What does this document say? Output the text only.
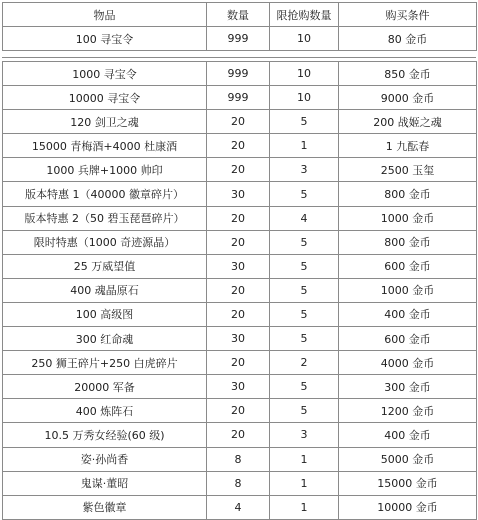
物品	数量	限抢购数量	购买条件
100 寻宝令	999	10	80 金币
1000 寻宝令	999	10	850 金币
10000 寻宝令	999	10	9000 金币
120 剑卫之魂	20	5	200 战姬之魂
15000 青梅酒+4000 杜康酒	20	1	1 九酝春
1000 兵牌+1000 帅印	20	3	2500 玉玺
版本特惠 1（40000 徽章碎片）	30	5	800 金币
版本特惠 2（50 碧玉琵琶碎片）	20	4	1000 金币
限时特惠（1000 奇迹源晶）	20	5	800 金币
25 万威望值	30	5	600 金币
400 魂晶原石	20	5	1000 金币
100 高级图	20	5	400 金币
300 红命魂	30	5	600 金币
250 狮王碎片+250 白虎碎片	20	2	4000 金币
20000 军备	30	5	300 金币
400 炼阵石	20	5	1200 金币
10.5 万秀女经验(60 级)	20	3	400 金币
姿·孙尚香	8	1	5000 金币
鬼谋·董昭	8	1	15000 金币
紫色徽章	4	1	10000 金币
